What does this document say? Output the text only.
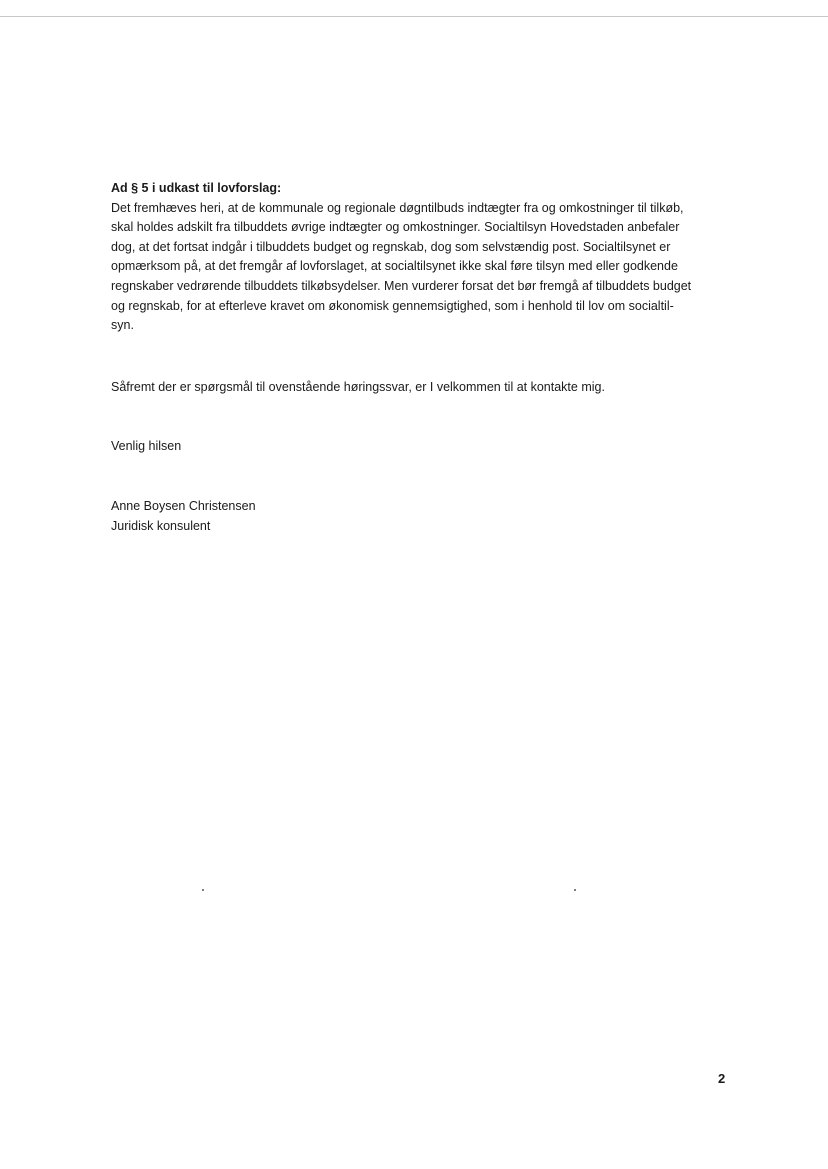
Ad § 5 i udkast til lovforslag:

Det fremhæves heri, at de kommunale og regionale døgntilbuds indtægter fra og omkostninger til tilkøb,
skal holdes adskilt fra tilbuddets øvrige indtægter og omkostninger. Socialtilsyn Hovedstaden anbefaler
dog, at det fortsat indgår i tilbuddets budget og regnskab, dog som selvstændig post. Socialtilsynet er
opmærksom på, at det fremgår af lovforslaget, at socialtilsynet ikke skal føre tilsyn med eller godkende
regnskaber vedrørende tilbuddets tilkøbsydelser. Men vurderer forsat det bør fremgå af tilbuddets budget
og regnskab, for at efterleve kravet om økonomisk gennemsigtighed, som i henhold til lov om socialtil-
syn.

Såfremt der er spørgsmål til ovenstående høringssvar, er I velkommen til at kontakte mig.

Venlig hilsen

Anne Boysen Christensen

Juridisk konsulent

2
